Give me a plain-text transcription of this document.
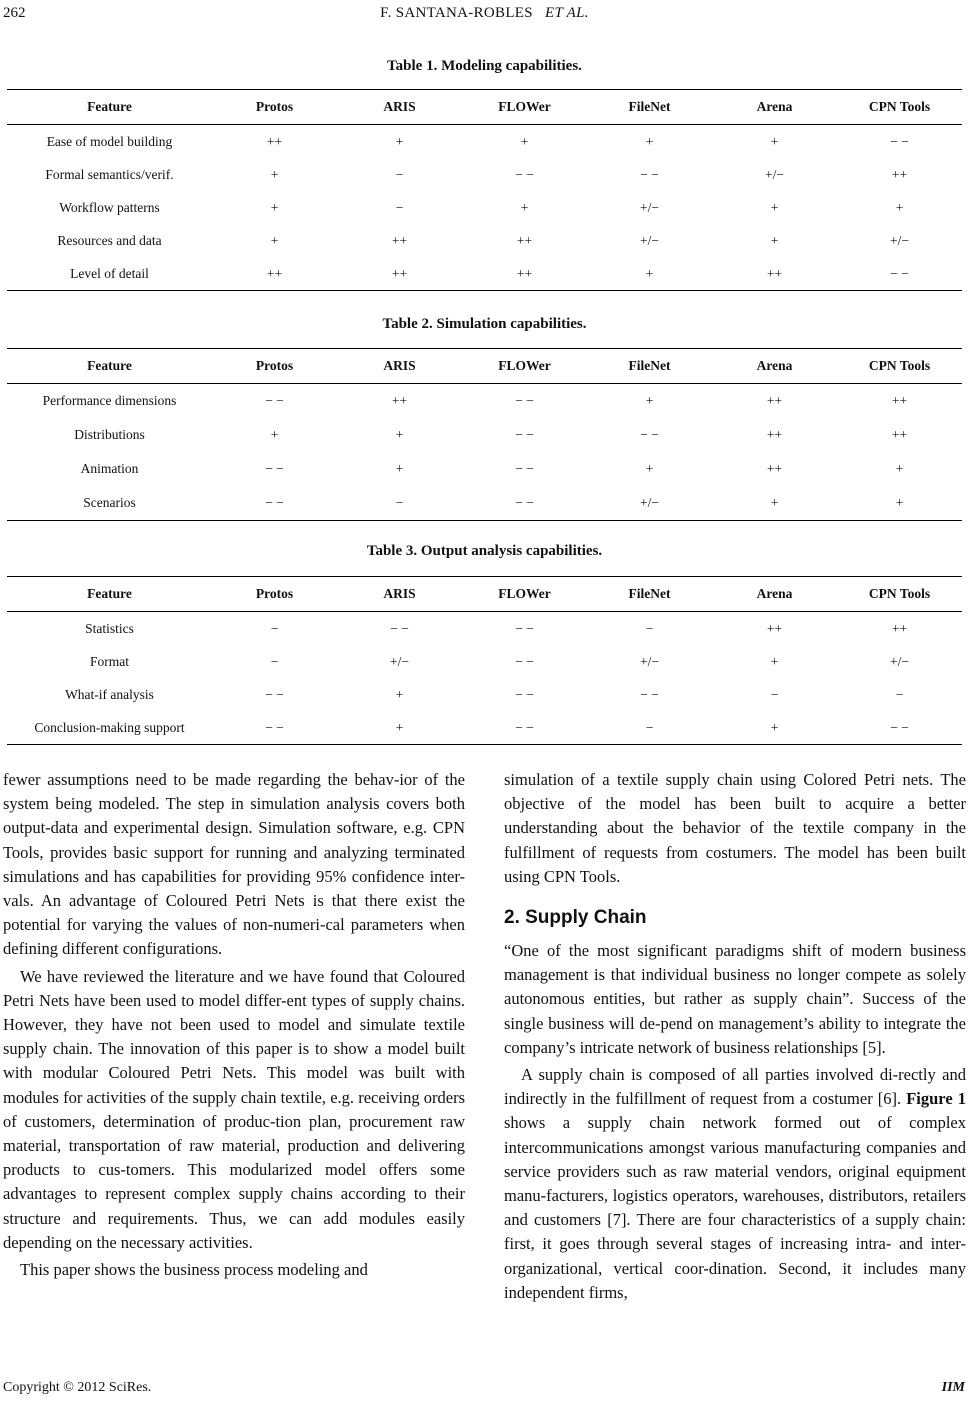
262	F. SANTANA-ROBLES ET AL.
Table 1. Modeling capabilities.
Feature	Protos	ARIS	FLOWer	FileNet	Arena	CPN Tools
Ease of model building	++	+	+	+	+	− −
Formal semantics/verif.	+	−	− −	− −	+/−	++
Workflow patterns	+	−	+	+/−	+	+
Resources and data	+	++	++	+/−	+	+/−
Level of detail	++	++	++	+	++	− −
Table 2. Simulation capabilities.
Feature	Protos	ARIS	FLOWer	FileNet	Arena	CPN Tools
Performance dimensions	− −	++	− −	+	++	++
Distributions	+	+	− −	− −	++	++
Animation	− −	+	− −	+	++	+
Scenarios	− −	−	− −	+/−	+	+
Table 3. Output analysis capabilities.
Feature	Protos	ARIS	FLOWer	FileNet	Arena	CPN Tools
Statistics	−	− −	− −	−	++	++
Format	−	+/−	− −	+/−	+	+/−
What-if analysis	− −	+	− −	− −	−	−
Conclusion-making support	− −	+	− −	−	+	− −

fewer assumptions need to be made regarding the behav-ior of the system being modeled. The step in simulation analysis covers both output-data and experimental design. Simulation software, e.g. CPN Tools, provides basic support for running and analyzing terminated simulations and has capabilities for providing 95% confidence inter-vals. An advantage of Coloured Petri Nets is that there exist the potential for varying the values of non-numeri-cal parameters when defining different configurations.

We have reviewed the literature and we have found that Coloured Petri Nets have been used to model differ-ent types of supply chains. However, they have not been used to model and simulate textile supply chain. The innovation of this paper is to show a model built with modular Coloured Petri Nets. This model was built with modules for activities of the supply chain textile, e.g. receiving orders of customers, determination of produc-tion plan, procurement raw material, transportation of raw material, production and delivering products to cus-tomers. This modularized model offers some advantages to represent complex supply chains according to their structure and requirements. Thus, we can add modules easily depending on the necessary activities.

This paper shows the business process modeling and

simulation of a textile supply chain using Colored Petri nets. The objective of the model has been built to acquire a better understanding about the behavior of the textile company in the fulfillment of requests from costumers. The model has been built using CPN Tools.

2. Supply Chain

“One of the most significant paradigms shift of modern business management is that individual business no longer compete as solely autonomous entities, but rather as supply chain”. Success of the single business will de-pend on management’s ability to integrate the company’s intricate network of business relationships [5].

A supply chain is composed of all parties involved di-rectly and indirectly in the fulfillment of request from a costumer [6]. Figure 1 shows a supply chain network formed out of complex intercommunications amongst various manufacturing companies and service providers such as raw material vendors, original equipment manu-facturers, logistics operators, warehouses, distributors, retailers and customers [7]. There are four characteristics of a supply chain: first, it goes through several stages of increasing intra- and inter-organizational, vertical coor-dination. Second, it includes many independent firms,

Copyright © 2012 SciRes.	IIM
